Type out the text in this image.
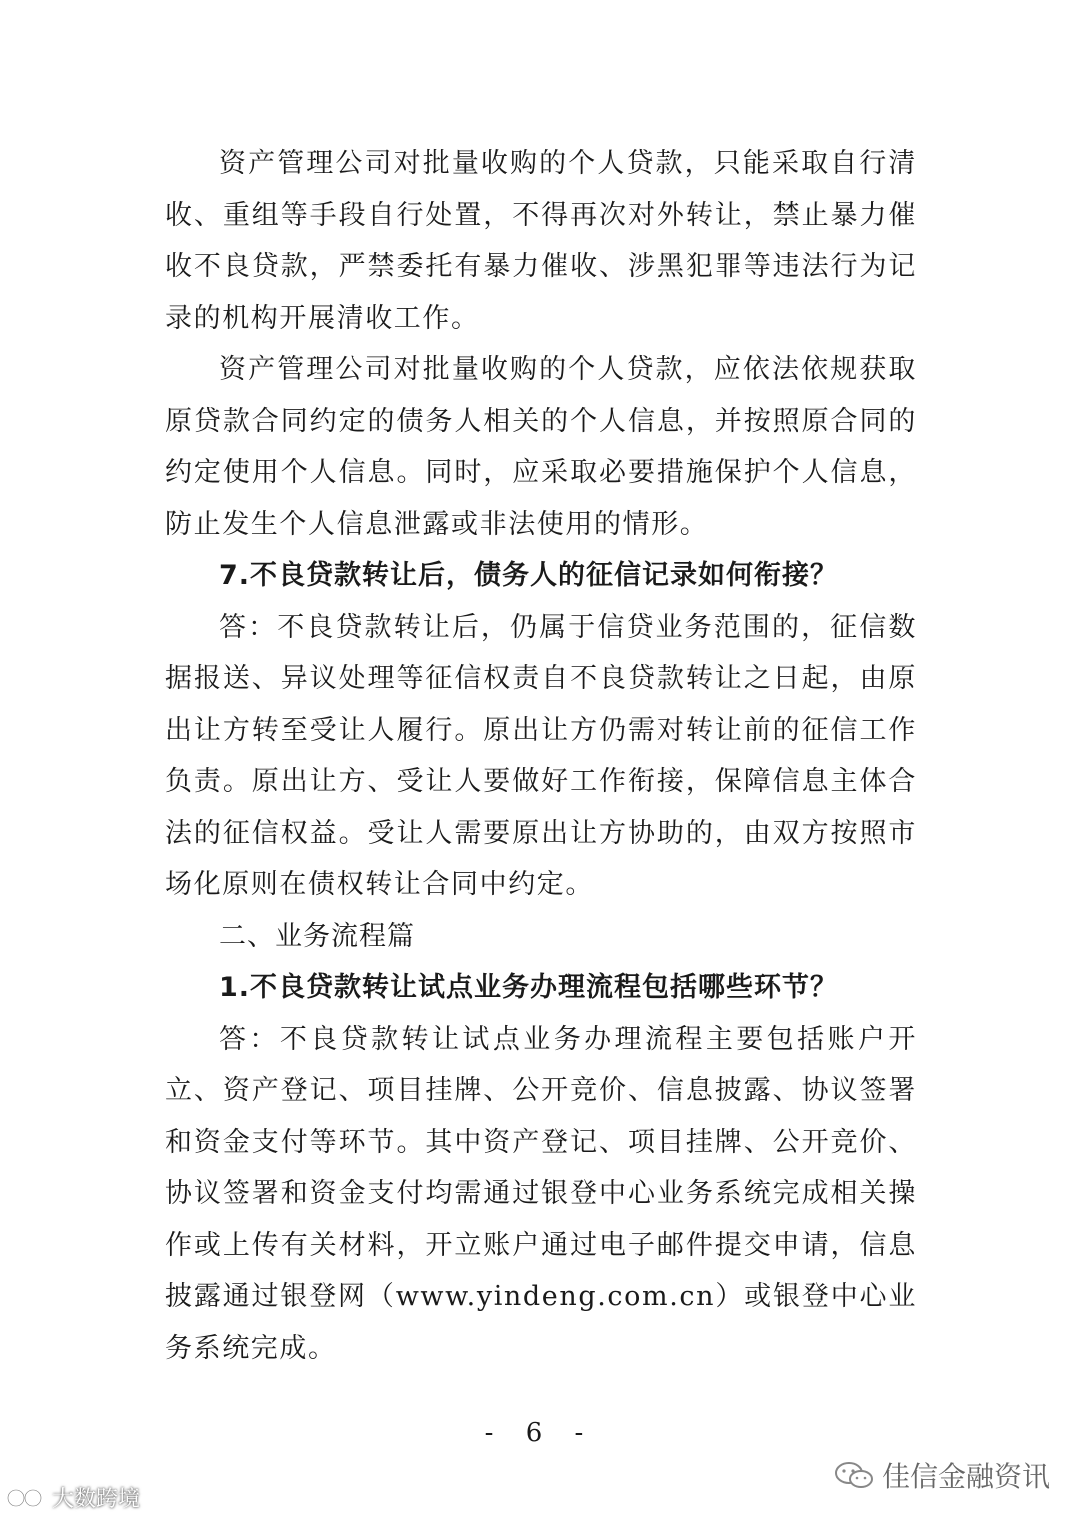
资产管理公司对批量收购的个人贷款，只能采取自行清收、重组等手段自行处置，不得再次对外转让，禁止暴力催收不良贷款，严禁委托有暴力催收、涉黑犯罪等违法行为记录的机构开展清收工作。

资产管理公司对批量收购的个人贷款，应依法依规获取原贷款合同约定的债务人相关的个人信息，并按照原合同的约定使用个人信息。同时，应采取必要措施保护个人信息，防止发生个人信息泄露或非法使用的情形。

7.不良贷款转让后，债务人的征信记录如何衔接？

答：不良贷款转让后，仍属于信贷业务范围的，征信数据报送、异议处理等征信权责自不良贷款转让之日起，由原出让方转至受让人履行。原出让方仍需对转让前的征信工作负责。原出让方、受让人要做好工作衔接，保障信息主体合法的征信权益。受让人需要原出让方协助的，由双方按照市场化原则在债权转让合同中约定。

二、业务流程篇

1.不良贷款转让试点业务办理流程包括哪些环节？

答：不良贷款转让试点业务办理流程主要包括账户开立、资产登记、项目挂牌、公开竞价、信息披露、协议签署和资金支付等环节。其中资产登记、项目挂牌、公开竞价、协议签署和资金支付均需通过银登中心业务系统完成相关操作或上传有关材料，开立账户通过电子邮件提交申请，信息披露通过银登网（www.yindeng.com.cn）或银登中心业务系统完成。

- 6 -
大数跨境
佳信金融资讯
